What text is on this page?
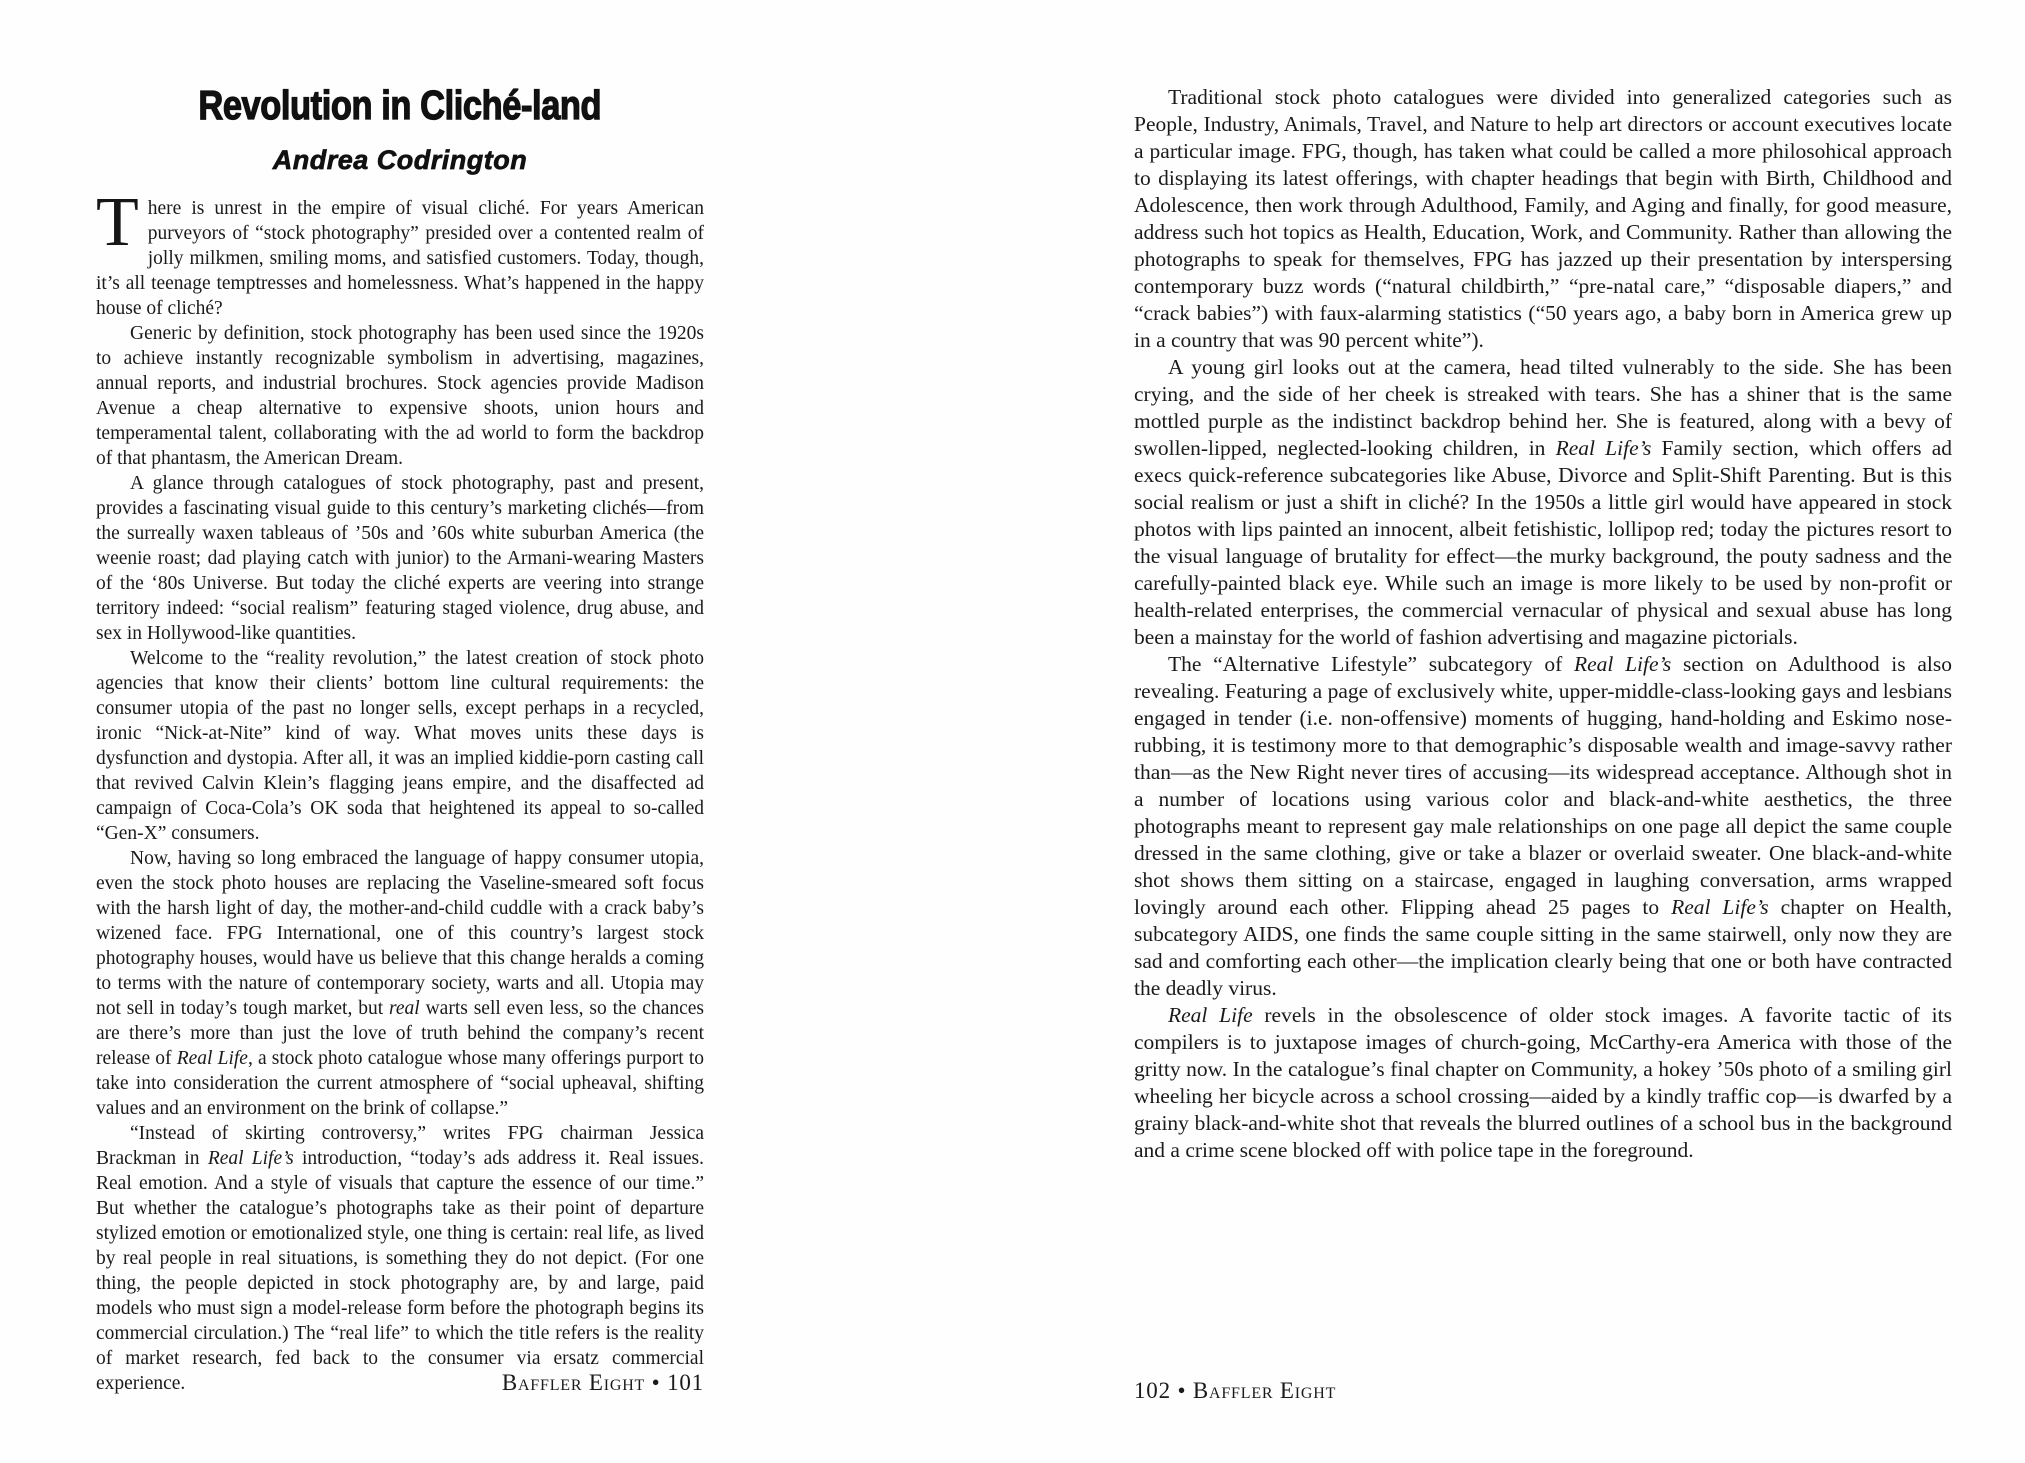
Revolution in Cliché-land
Andrea Codrington

There is unrest in the empire of visual cliché. For years American purveyors of “stock photography” presided over a contented realm of jolly milkmen, smiling moms, and satisfied customers. Today, though, it’s all teenage temptresses and homelessness. What’s happened in the happy house of cliché?

Generic by definition, stock photography has been used since the 1920s to achieve instantly recognizable symbolism in advertising, magazines, annual reports, and industrial brochures. Stock agencies provide Madison Avenue a cheap alternative to expensive shoots, union hours and temperamental talent, collaborating with the ad world to form the backdrop of that phantasm, the American Dream.

A glance through catalogues of stock photography, past and present, provides a fascinating visual guide to this century’s marketing clichés—from the surreally waxen tableaus of ’50s and ’60s white suburban America (the weenie roast; dad playing catch with junior) to the Armani-wearing Masters of the ‘80s Universe. But today the cliché experts are veering into strange territory indeed: “social realism” featuring staged violence, drug abuse, and sex in Hollywood-like quantities.

Welcome to the “reality revolution,” the latest creation of stock photo agencies that know their clients’ bottom line cultural requirements: the consumer utopia of the past no longer sells, except perhaps in a recycled, ironic “Nick-at-Nite” kind of way. What moves units these days is dysfunction and dystopia. After all, it was an implied kiddie-porn casting call that revived Calvin Klein’s flagging jeans empire, and the disaffected ad campaign of Coca-Cola’s OK soda that heightened its appeal to so-called “Gen-X” consumers.

Now, having so long embraced the language of happy consumer utopia, even the stock photo houses are replacing the Vaseline-smeared soft focus with the harsh light of day, the mother-and-child cuddle with a crack baby’s wizened face. FPG International, one of this country’s largest stock photography houses, would have us believe that this change heralds a coming to terms with the nature of contemporary society, warts and all. Utopia may not sell in today’s tough market, but real warts sell even less, so the chances are there’s more than just the love of truth behind the company’s recent release of Real Life, a stock photo catalogue whose many offerings purport to take into consideration the current atmosphere of “social upheaval, shifting values and an environment on the brink of collapse.”

“Instead of skirting controversy,” writes FPG chairman Jessica Brackman in Real Life’s introduction, “today’s ads address it. Real issues. Real emotion. And a style of visuals that capture the essence of our time.” But whether the catalogue’s photographs take as their point of departure stylized emotion or emotionalized style, one thing is certain: real life, as lived by real people in real situations, is something they do not depict. (For one thing, the people depicted in stock photography are, by and large, paid models who must sign a model-release form before the photograph begins its commercial circulation.) The “real life” to which the title refers is the reality of market research, fed back to the consumer via ersatz commercial experience.

Traditional stock photo catalogues were divided into generalized categories such as People, Industry, Animals, Travel, and Nature to help art directors or account executives locate a particular image. FPG, though, has taken what could be called a more philosohical approach to displaying its latest offerings, with chapter headings that begin with Birth, Childhood and Adolescence, then work through Adulthood, Family, and Aging and finally, for good measure, address such hot topics as Health, Education, Work, and Community. Rather than allowing the photographs to speak for themselves, FPG has jazzed up their presentation by interspersing contemporary buzz words (“natural childbirth,” “pre-natal care,” “disposable diapers,” and “crack babies”) with faux-alarming statistics (“50 years ago, a baby born in America grew up in a country that was 90 percent white”).

A young girl looks out at the camera, head tilted vulnerably to the side. She has been crying, and the side of her cheek is streaked with tears. She has a shiner that is the same mottled purple as the indistinct backdrop behind her. She is featured, along with a bevy of swollen-lipped, neglected-looking children, in Real Life’s Family section, which offers ad execs quick-reference subcategories like Abuse, Divorce and Split-Shift Parenting. But is this social realism or just a shift in cliché? In the 1950s a little girl would have appeared in stock photos with lips painted an innocent, albeit fetishistic, lollipop red; today the pictures resort to the visual language of brutality for effect—the murky background, the pouty sadness and the carefully-painted black eye. While such an image is more likely to be used by non-profit or health-related enterprises, the commercial vernacular of physical and sexual abuse has long been a mainstay for the world of fashion advertising and magazine pictorials.

The “Alternative Lifestyle” subcategory of Real Life’s section on Adulthood is also revealing. Featuring a page of exclusively white, upper-middle-class-looking gays and lesbians engaged in tender (i.e. non-offensive) moments of hugging, hand-holding and Eskimo nose-rubbing, it is testimony more to that demographic’s disposable wealth and image-savvy rather than—as the New Right never tires of accusing—its widespread acceptance. Although shot in a number of locations using various color and black-and-white aesthetics, the three photographs meant to represent gay male relationships on one page all depict the same couple dressed in the same clothing, give or take a blazer or overlaid sweater. One black-and-white shot shows them sitting on a staircase, engaged in laughing conversation, arms wrapped lovingly around each other. Flipping ahead 25 pages to Real Life’s chapter on Health, subcategory AIDS, one finds the same couple sitting in the same stairwell, only now they are sad and comforting each other—the implication clearly being that one or both have contracted the deadly virus.

Real Life revels in the obsolescence of older stock images. A favorite tactic of its compilers is to juxtapose images of church-going, McCarthy-era America with those of the gritty now. In the catalogue’s final chapter on Community, a hokey ’50s photo of a smiling girl wheeling her bicycle across a school crossing—aided by a kindly traffic cop—is dwarfed by a grainy black-and-white shot that reveals the blurred outlines of a school bus in the background and a crime scene blocked off with police tape in the foreground.

Baffler Eight • 101	102 • Baffler Eight
